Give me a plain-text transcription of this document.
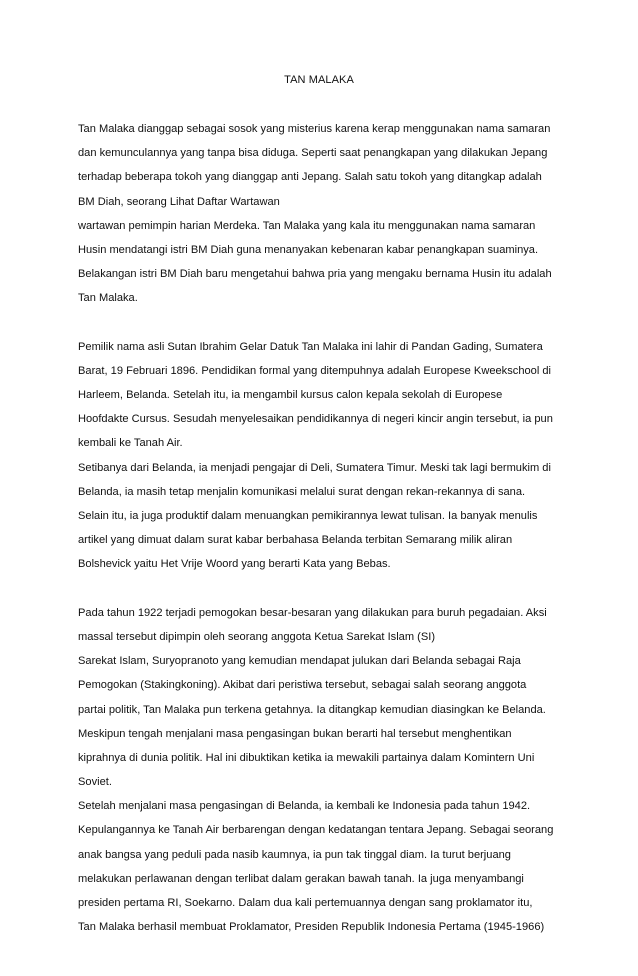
TAN MALAKA
Tan Malaka dianggap sebagai sosok yang misterius karena kerap menggunakan nama samaran
dan kemunculannya yang tanpa bisa diduga. Seperti saat penangkapan yang dilakukan Jepang
terhadap beberapa tokoh yang dianggap anti Jepang. Salah satu tokoh yang ditangkap adalah
BM Diah, seorang Lihat Daftar Wartawan
wartawan pemimpin harian Merdeka. Tan Malaka yang kala itu menggunakan nama samaran
Husin mendatangi istri BM Diah guna menanyakan kebenaran kabar penangkapan suaminya.
Belakangan istri BM Diah baru mengetahui bahwa pria yang mengaku bernama Husin itu adalah
Tan Malaka.
Pemilik nama asli Sutan Ibrahim Gelar Datuk Tan Malaka ini lahir di Pandan Gading, Sumatera
Barat, 19 Februari 1896. Pendidikan formal yang ditempuhnya adalah Europese Kweekschool di
Harleem, Belanda. Setelah itu, ia mengambil kursus calon kepala sekolah di Europese
Hoofdakte Cursus. Sesudah menyelesaikan pendidikannya di negeri kincir angin tersebut, ia pun
kembali ke Tanah Air.
Setibanya dari Belanda, ia menjadi pengajar di Deli, Sumatera Timur. Meski tak lagi bermukim di
Belanda, ia masih tetap menjalin komunikasi melalui surat dengan rekan-rekannya di sana.
Selain itu, ia juga produktif dalam menuangkan pemikirannya lewat tulisan. Ia banyak menulis
artikel yang dimuat dalam surat kabar berbahasa Belanda terbitan Semarang milik aliran
Bolshevick yaitu Het Vrije Woord yang berarti Kata yang Bebas.
Pada tahun 1922 terjadi pemogokan besar-besaran yang dilakukan para buruh pegadaian. Aksi
massal tersebut dipimpin oleh seorang anggota Ketua Sarekat Islam (SI)
Sarekat Islam, Suryopranoto yang kemudian mendapat julukan dari Belanda sebagai Raja
Pemogokan (Stakingkoning). Akibat dari peristiwa tersebut, sebagai salah seorang anggota
partai politik, Tan Malaka pun terkena getahnya. Ia ditangkap kemudian diasingkan ke Belanda.
Meskipun tengah menjalani masa pengasingan bukan berarti hal tersebut menghentikan
kiprahnya di dunia politik. Hal ini dibuktikan ketika ia mewakili partainya dalam Komintern Uni
Soviet.
Setelah menjalani masa pengasingan di Belanda, ia kembali ke Indonesia pada tahun 1942.
Kepulangannya ke Tanah Air berbarengan dengan kedatangan tentara Jepang. Sebagai seorang
anak bangsa yang peduli pada nasib kaumnya, ia pun tak tinggal diam. Ia turut berjuang
melakukan perlawanan dengan terlibat dalam gerakan bawah tanah. Ia juga menyambangi
presiden pertama RI, Soekarno. Dalam dua kali pertemuannya dengan sang proklamator itu,
Tan Malaka berhasil membuat Proklamator, Presiden Republik Indonesia Pertama (1945-1966)
